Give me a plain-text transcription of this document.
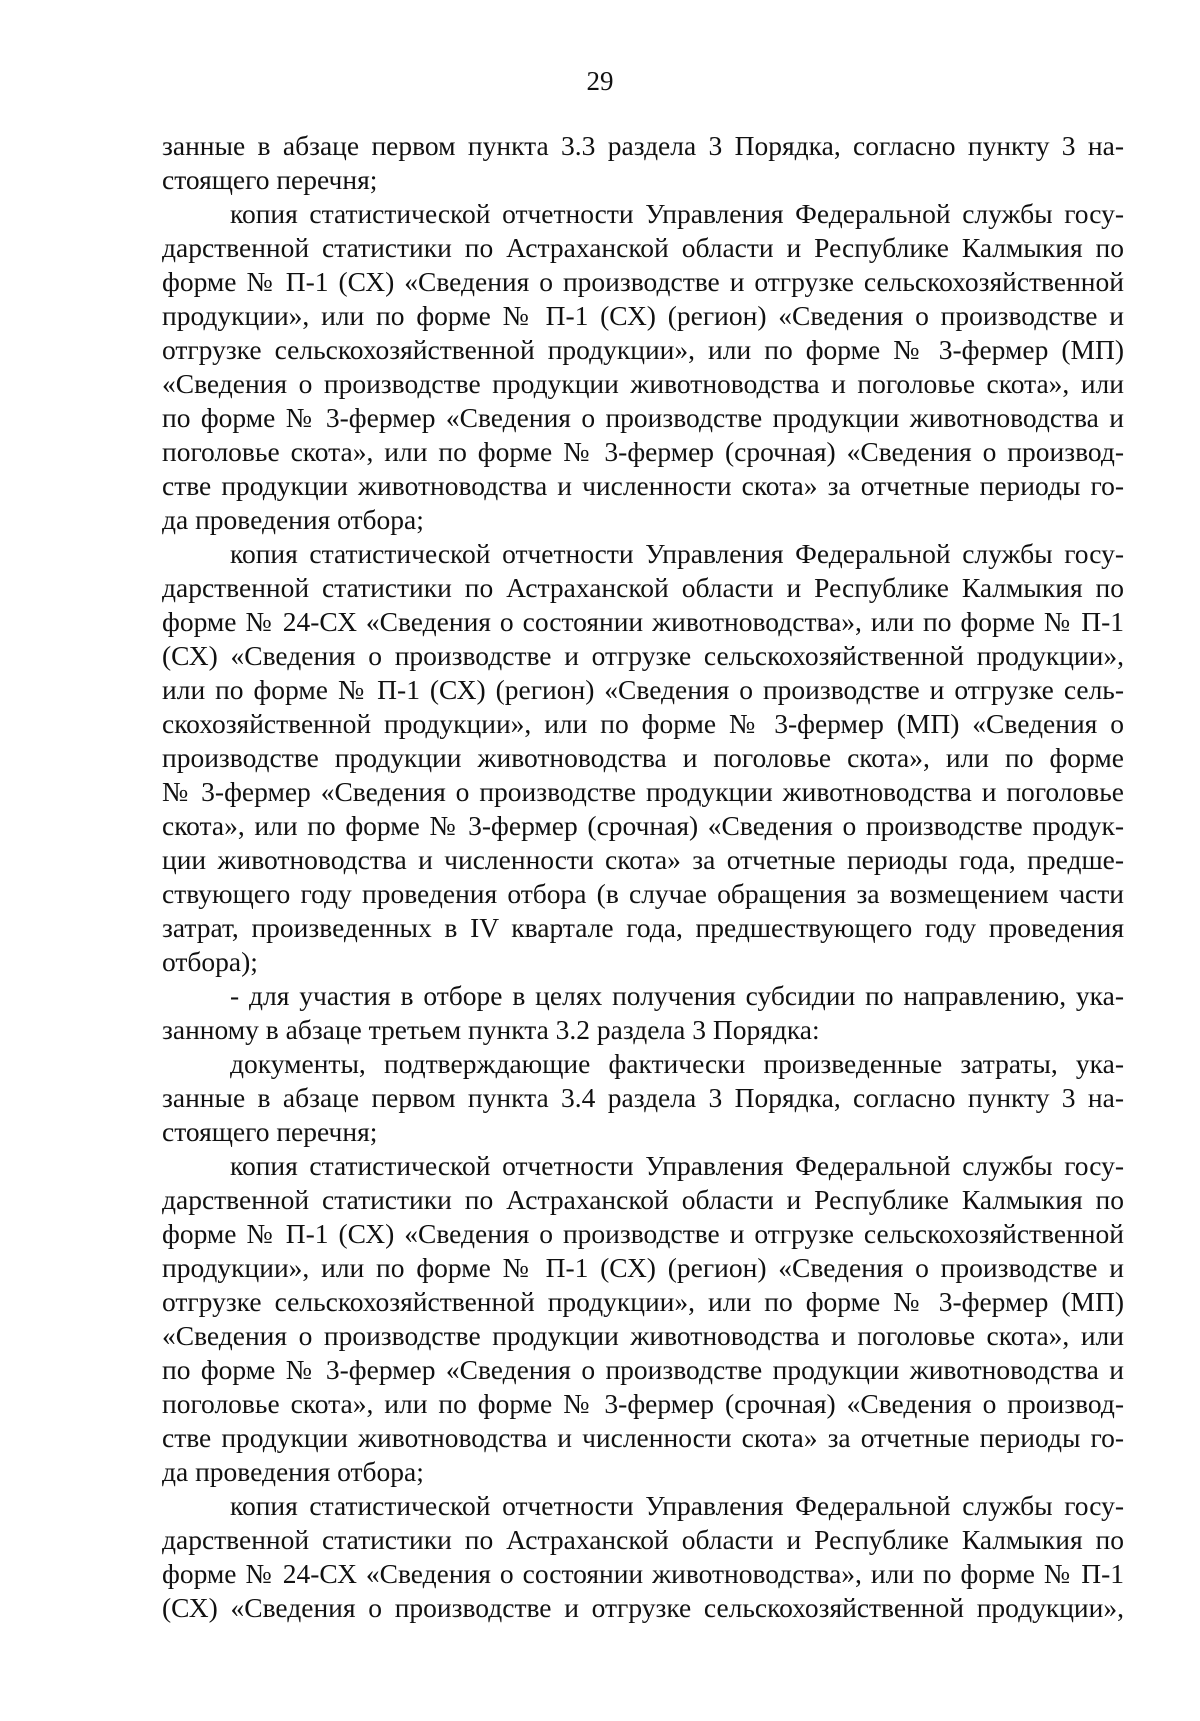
29
занные в абзаце первом пункта 3.3 раздела 3 Порядка, согласно пункту 3 на-
стоящего перечня;
копия статистической отчетности Управления Федеральной службы госу-
дарственной статистики по Астраханской области и Республике Калмыкия по
форме № П-1 (СХ) «Сведения о производстве и отгрузке сельскохозяйственной
продукции», или по форме № П-1 (СХ) (регион) «Сведения о производстве и
отгрузке сельскохозяйственной продукции», или по форме № 3-фермер (МП)
«Сведения о производстве продукции животноводства и поголовье скота», или
по форме № 3-фермер «Сведения о производстве продукции животноводства и
поголовье скота», или по форме № 3-фермер (срочная) «Сведения о производ-
стве продукции животноводства и численности скота» за отчетные периоды го-
да проведения отбора;
копия статистической отчетности Управления Федеральной службы госу-
дарственной статистики по Астраханской области и Республике Калмыкия по
форме № 24-СХ «Сведения о состоянии животноводства», или по форме № П-1
(СХ) «Сведения о производстве и отгрузке сельскохозяйственной продукции»,
или по форме № П-1 (СХ) (регион) «Сведения о производстве и отгрузке сель-
скохозяйственной продукции», или по форме № 3-фермер (МП) «Сведения о
производстве продукции животноводства и поголовье скота», или по форме
№ 3-фермер «Сведения о производстве продукции животноводства и поголовье
скота», или по форме № 3-фермер (срочная) «Сведения о производстве продук-
ции животноводства и численности скота» за отчетные периоды года, предше-
ствующего году проведения отбора (в случае обращения за возмещением части
затрат, произведенных в IV квартале года, предшествующего году проведения
отбора);
- для участия в отборе в целях получения субсидии по направлению, ука-
занному в абзаце третьем пункта 3.2 раздела 3 Порядка:
документы, подтверждающие фактически произведенные затраты, ука-
занные в абзаце первом пункта 3.4 раздела 3 Порядка, согласно пункту 3 на-
стоящего перечня;
копия статистической отчетности Управления Федеральной службы госу-
дарственной статистики по Астраханской области и Республике Калмыкия по
форме № П-1 (СХ) «Сведения о производстве и отгрузке сельскохозяйственной
продукции», или по форме № П-1 (СХ) (регион) «Сведения о производстве и
отгрузке сельскохозяйственной продукции», или по форме № 3-фермер (МП)
«Сведения о производстве продукции животноводства и поголовье скота», или
по форме № 3-фермер «Сведения о производстве продукции животноводства и
поголовье скота», или по форме № 3-фермер (срочная) «Сведения о производ-
стве продукции животноводства и численности скота» за отчетные периоды го-
да проведения отбора;
копия статистической отчетности Управления Федеральной службы госу-
дарственной статистики по Астраханской области и Республике Калмыкия по
форме № 24-СХ «Сведения о состоянии животноводства», или по форме № П-1
(СХ) «Сведения о производстве и отгрузке сельскохозяйственной продукции»,
